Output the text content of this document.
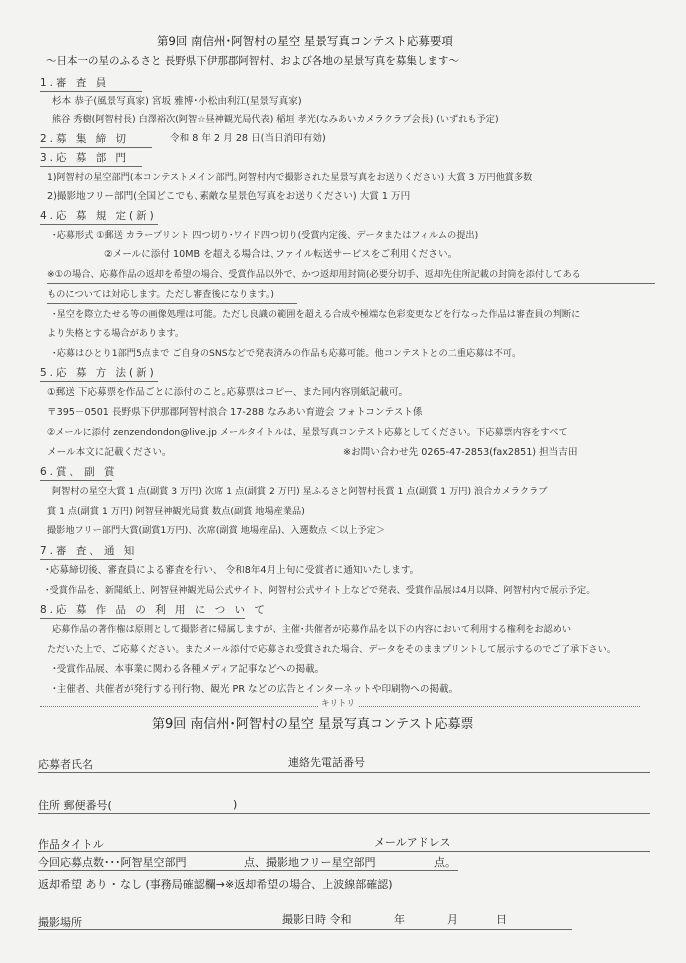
第9回 南信州･阿智村の星空 星景写真コンテスト応募要項
～日本一の星のふるさと 長野県下伊那郡阿智村、および各地の星景写真を募集します～
1.審 査 員
杉本 恭子(風景写真家) 宮坂 雅博･小松由利江(星景写真家)
熊谷 秀樹(阿智村長) 白澤裕次(阿智☆昼神観光局代表) 稲垣 孝光(なみあいカメラクラブ会長) (いずれも予定)
2.募 集 締 切	令和 8 年 2 月 28 日(当日消印有効)
3.応 募 部 門
1)阿智村の星空部門(本コンテストメイン部門｡阿智村内で撮影された星景写真をお送りください) 大賞 3 万円他賞多数
2)撮影地フリー部門(全国どこでも､素敵な星景色写真をお送りください) 大賞 1 万円
4.応 募 規 定(新)
･応募形式 ①郵送 カラープリント 四つ切り･ワイド四つ切り(受賞内定後、データまたはフィルムの提出)
②メールに添付 10MB を超える場合は､ファイル転送サービスをご利用ください｡
※①の場合、応募作品の返却を希望の場合、受賞作品以外で、かつ返却用封筒(必要分切手、返却先住所記載の封筒を添付してある
ものについては対応します。ただし審査後になります。)
･星空を際立たせる等の画像処理は可能。ただし良識の範囲を超える合成や極端な色彩変更などを行なった作品は審査員の判断に
より失格とする場合があります。
･応募はひとり1部門5点まで ご自身のSNSなどで発表済みの作品も応募可能。他コンテストとの二重応募は不可。
5.応 募 方 法(新)
①郵送 下応募票を作品ごとに添付のこと｡応募票はコピー、また同内容別紙記載可｡
〒395－0501 長野県下伊那郡阿智村浪合 17-288 なみあい育遊会 フォトコンテスト係
②メールに添付 zenzendondon@live.jp メールタイトルは、星景写真コンテスト応募としてください。下応募票内容をすべて
メール本文に記載ください。	※お問い合わせ先 0265-47-2853(fax2851) 担当吉田
6.賞､ 副 賞
阿智村の星空大賞 1 点(副賞 3 万円) 次席 1 点(副賞 2 万円) 星ふるさと阿智村長賞 1 点(副賞 1 万円) 浪合カメラクラブ
賞 1 点(副賞 1 万円) 阿智昼神観光局賞 数点(副賞 地場産業品)
撮影地フリー部門大賞(副賞1万円)、次席(副賞 地場産品)、入選数点 ＜以上予定＞
7.審 査､ 通 知
･応募締切後、審査員による審査を行い、 令和8年4月上旬に受賞者に通知いたします。
･受賞作品を、新聞紙上、阿智昼神観光局公式サイト、阿智村公式サイト上などで発表、受賞作品展は4月以降、阿智村内で展示予定。
8.応 募 作 品 の 利 用 に つ い て
応募作品の著作権は原則として撮影者に帰属しますが、主催･共催者が応募作品を以下の内容において利用する権利をお認めい
ただいた上で、ご応募ください。またメール添付で応募され受賞された場合、データをそのままプリントして展示するのでご了承下さい。
･受賞作品展、本事業に関わる各種メディア記事などへの掲載。
･主催者、共催者が発行する刊行物、観光 PR などの広告とインターネットや印刷物への掲載。
キリトリ
第9回 南信州･阿智村の星空 星景写真コンテスト応募票
応募者氏名	連絡先電話番号
住所 郵便番号(	)
作品タイトル	メールアドレス
今回応募点数･･･阿智星空部門	点、撮影地フリー星空部門	点。
返却希望 あり ･ なし (事務局確認欄→※返却希望の場合、上波線部確認)
撮影場所	撮影日時 令和	年	月	日
